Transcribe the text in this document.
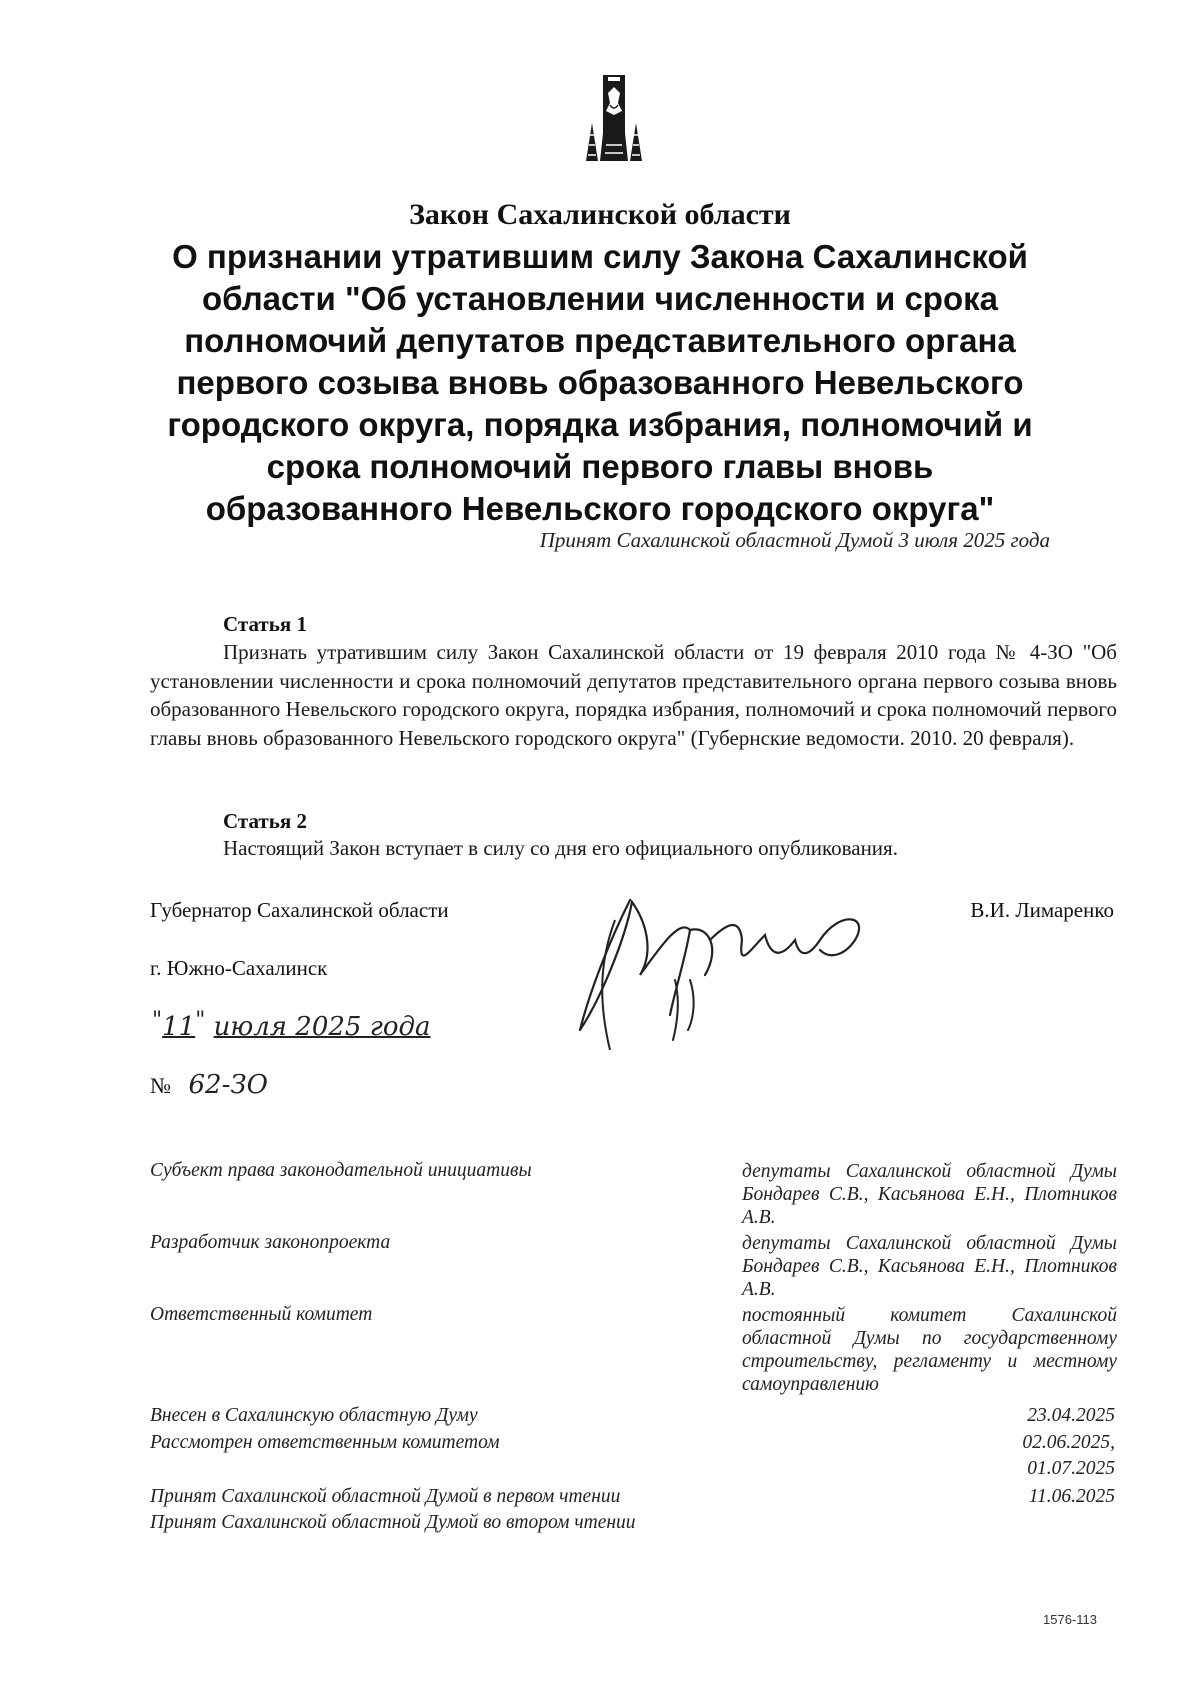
Закон Сахалинской области
О признании утратившим силу Закона Сахалинской
области "Об установлении численности и срока
полномочий депутатов представительного органа
первого созыва вновь образованного Невельского
городского округа, порядка избрания, полномочий и
срока полномочий первого главы вновь
образованного Невельского городского округа"
Принят Сахалинской областной Думой 3 июля 2025 года
Статья 1
Признать утратившим силу Закон Сахалинской области от 19 февраля 2010 года № 4-ЗО "Об установлении численности и срока полномочий депутатов представительного органа первого созыва вновь образованного Невельского городского округа, порядка избрания, полномочий и срока полномочий первого главы вновь образованного Невельского городского округа" (Губернские ведомости. 2010. 20 февраля).
Статья 2
Настоящий Закон вступает в силу со дня его официального опубликования.
Губернатор Сахалинской области	В.И. Лимаренко
г. Южно-Сахалинск
"11" июля 2025 года
№ 62-ЗО
Субъект права законодательной инициативы	депутаты Сахалинской областной Думы Бондарев С.В., Касьянова Е.Н., Плотников А.В.
Разработчик законопроекта	депутаты Сахалинской областной Думы Бондарев С.В., Касьянова Е.Н., Плотников А.В.
Ответственный комитет	постоянный комитет Сахалинской областной Думы по государственному строительству, регламенту и местному самоуправлению
Внесен в Сахалинскую областную Думу	23.04.2025
Рассмотрен ответственным комитетом	02.06.2025,
01.07.2025
Принят Сахалинской областной Думой в первом чтении	11.06.2025
Принят Сахалинской областной Думой во втором чтении
1576-113
